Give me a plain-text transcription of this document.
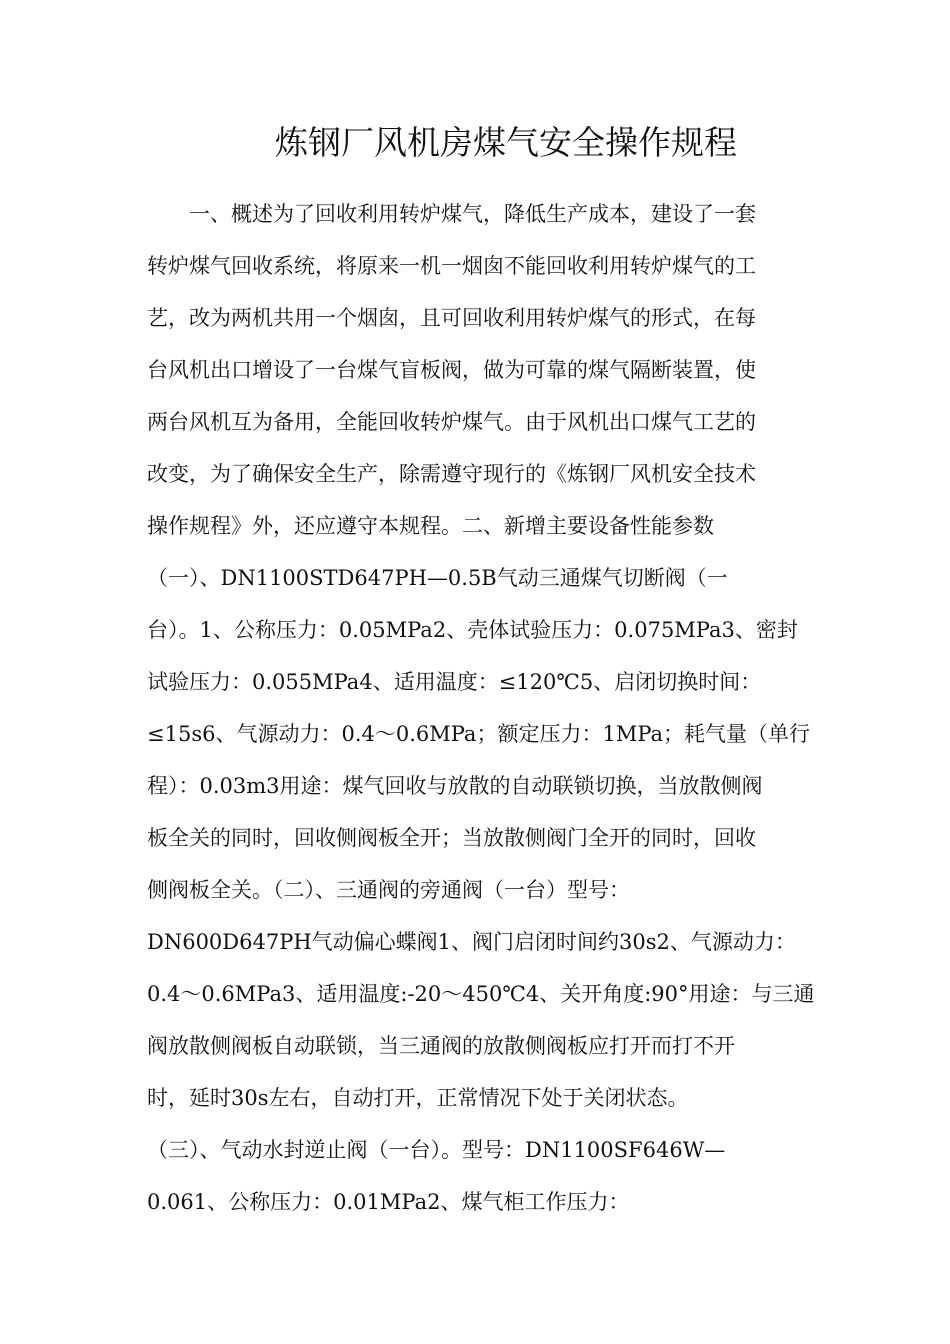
炼钢厂风机房煤气安全操作规程
　　一、概述为了回收利用转炉煤气，降低生产成本，建设了一套
转炉煤气回收系统，将原来一机一烟囱不能回收利用转炉煤气的工
艺，改为两机共用一个烟囱，且可回收利用转炉煤气的形式，在每
台风机出口增设了一台煤气盲板阀，做为可靠的煤气隔断装置，使
两台风机互为备用，全能回收转炉煤气。由于风机出口煤气工艺的
改变，为了确保安全生产，除需遵守现行的《炼钢厂风机安全技术
操作规程》外，还应遵守本规程。二、新增主要设备性能参数
（一）、DN1100STD647PH—0.5B气动三通煤气切断阀（一
台）。1、公称压力：0.05MPa2、壳体试验压力：0.075MPa3、密封
试验压力：0.055MPa4、适用温度：≤120℃5、启闭切换时间：
≤15s6、气源动力：0.4～0.6MPa；额定压力：1MPa；耗气量（单行
程）：0.03m3用途：煤气回收与放散的自动联锁切换，当放散侧阀
板全关的同时，回收侧阀板全开；当放散侧阀门全开的同时，回收
侧阀板全关。（二）、三通阀的旁通阀（一台）型号：
DN600D647PH气动偏心蝶阀1、阀门启闭时间约30s2、气源动力：
0.4～0.6MPa3、适用温度:-20～450℃4、关开角度:90°用途：与三通
阀放散侧阀板自动联锁，当三通阀的放散侧阀板应打开而打不开
时，延时30s左右，自动打开，正常情况下处于关闭状态。
（三）、气动水封逆止阀（一台）。型号：DN1100SF646W—
0.061、公称压力：0.01MPa2、煤气柜工作压力：
